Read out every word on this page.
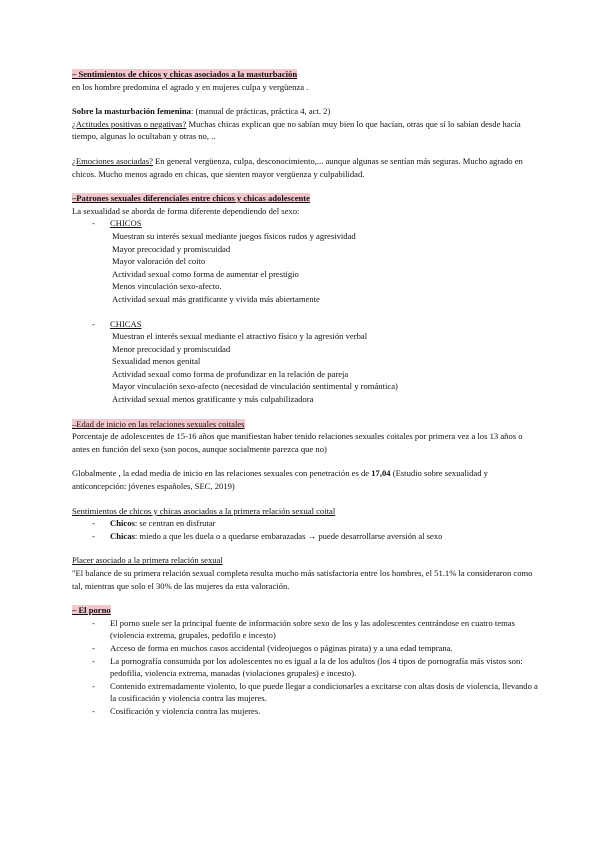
– Sentimientos de chicos y chicas asociados a la masturbación

en los hombre predomina el agrado y en mujeres culpa y vergüenza .

Sobre la masturbación femenina: (manual de prácticas, práctica 4, act. 2)

¿Actitudes positivas o negativas? Muchas chicas explican que no sabían muy bien lo que hacían, otras que sí lo sabían desde hacía tiempo, algunas lo ocultaban y otras no, ..

¿Emociones asociadas? En general vergüenza, culpa, desconocimiento,... aunque algunas se sentían más seguras. Mucho agrado en chicos. Mucho menos agrado en chicas, que sienten mayor vergüenza y culpabilidad.

–Patrones sexuales diferenciales entre chicos y chicas adolescente

La sexualidad se aborda de forma diferente dependiendo del sexo:

- CHICOS
Muestran su interés sexual mediante juegos físicos rudos y agresividad
Mayor precocidad y promiscuidad
Mayor valoración del coito
Actividad sexual como forma de aumentar el prestigio
Menos vinculación sexo-afecto.
Actividad sexual más gratificante y vivida más abiertamente
- CHICAS
Muestran el interés sexual mediante el atractivo físico y la agresión verbal
Menor precocidad y promiscuidad
Sexualidad menos genital
Actividad sexual como forma de profundizar en la relación de pareja
Mayor vinculación sexo-afecto (necesidad de vinculación sentimental y romántica)
Actividad sexual menos gratificante y más culpabilizadora

–Edad de inicio en las relaciones sexuales coitales

Porcentaje de adolescentes de 15-16 años que manifiestan haber tenido relaciones sexuales coitales por primera vez a los 13 años o antes en función del sexo (son pocos, aunque socialmente parezca que no)

Globalmente , la edad media de inicio en las relaciones sexuales con penetración es de 17,04 (Estudio sobre sexualidad y anticoncepción: jóvenes españoles, SEC, 2019)

Sentimientos de chicos y chicas asociados a la primera relación sexual coital

- Chicos: se centran en disfrutar
- Chicas: miedo a que les duela o a quedarse embarazadas → puede desarrollarse aversión al sexo

Placer asociado a la primera relación sexual

"El balance de su primera relación sexual completa resulta mucho más satisfactoria entre los hombres, el 51.1% la consideraron como tal, mientras que solo el 30% de las mujeres da esta valoración.

– El porno

- El porno suele ser la principal fuente de información sobre sexo de los y las adolescentes centrándose en cuatro temas (violencia extrema, grupales, pedofilo e incesto)
- Acceso de forma en muchos casos accidental (videojuegos o páginas pirata) y a una edad temprana.
- La pornografía consumida por los adolescentes no es igual a la de los adultos (los 4 tipos de pornografía más vistos son: pedofilia, violencia extrema, manadas (violaciones grupales) e incesto).
- Contenido extremadamente violento, lo que puede llegar a condicionarles a excitarse con altas dosis de violencia, llevando a la cosificación y violencia contra las mujeres.
- Cosificación y violencia contra las mujeres.
